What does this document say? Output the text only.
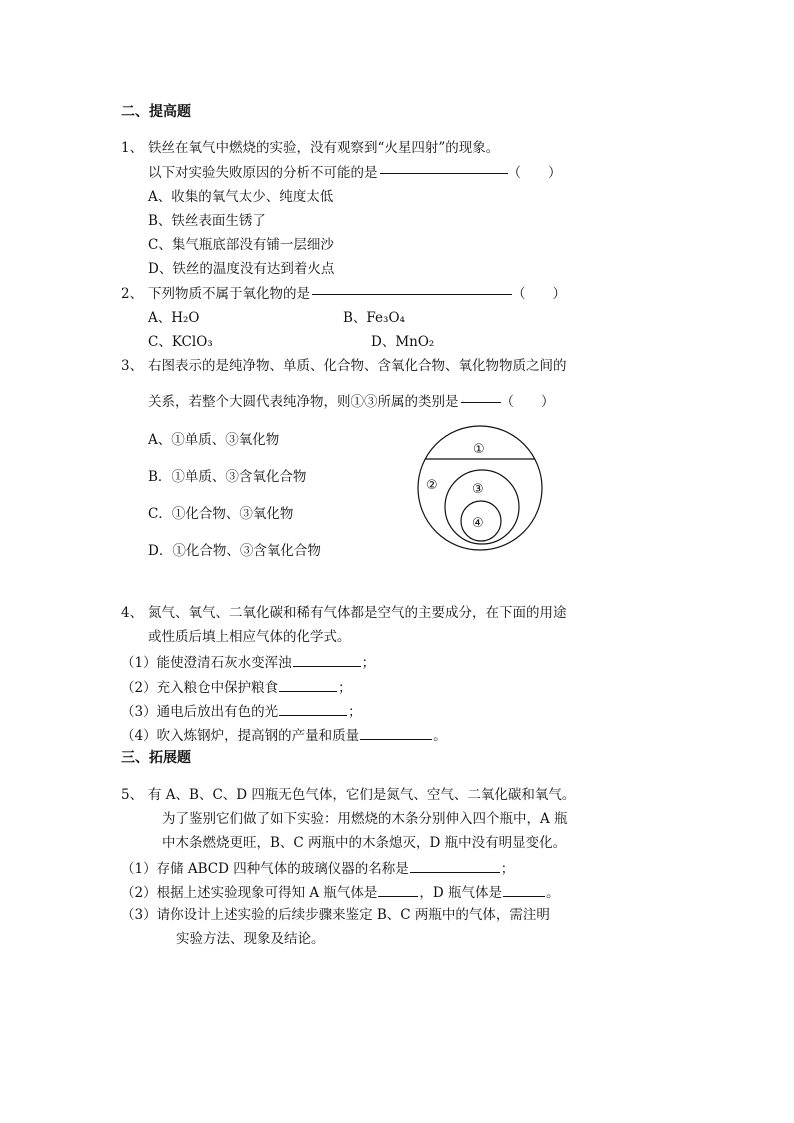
二、提高题
1、 铁丝在氧气中燃烧的实验，没有观察到“火星四射”的现象。
以下对实验失败原因的分析不可能的是	（　　）
A、收集的氧气太少、纯度太低
B、铁丝表面生锈了
C、集气瓶底部没有铺一层细沙
D、铁丝的温度没有达到着火点
2、 下列物质不属于氧化物的是	（　　）
A、H₂O	B、Fe₃O₄
C、KClO₃	D、MnO₂
3、 右图表示的是纯净物、单质、化合物、含氧化合物、氧化物物质之间的
关系，若整个大圆代表纯净物，则①③所属的类别是	（　　）
A、①单质、③氧化物
B．①单质、③含氧化合物
C．①化合物、③氧化物
D．①化合物、③含氧化合物
①
②	③
④
4、 氮气、氧气、二氧化碳和稀有气体都是空气的主要成分，在下面的用途
或性质后填上相应气体的化学式。
（1）能使澄清石灰水变浑浊	；
（2）充入粮仓中保护粮食	；
（3）通电后放出有色的光	；
（4）吹入炼钢炉，提高钢的产量和质量	。
三、拓展题
5、 有 A、B、C、D 四瓶无色气体，它们是氮气、空气、二氧化碳和氧气。
为了鉴别它们做了如下实验：用燃烧的木条分别伸入四个瓶中，A 瓶
中木条燃烧更旺，B、C 两瓶中的木条熄灭，D 瓶中没有明显变化。
（1）存储 ABCD 四种气体的玻璃仪器的名称是	；
（2）根据上述实验现象可得知 A 瓶气体是	，D 瓶气体是	。
（3）请你设计上述实验的后续步骤来鉴定 B、C 两瓶中的气体，需注明
实验方法、现象及结论。
